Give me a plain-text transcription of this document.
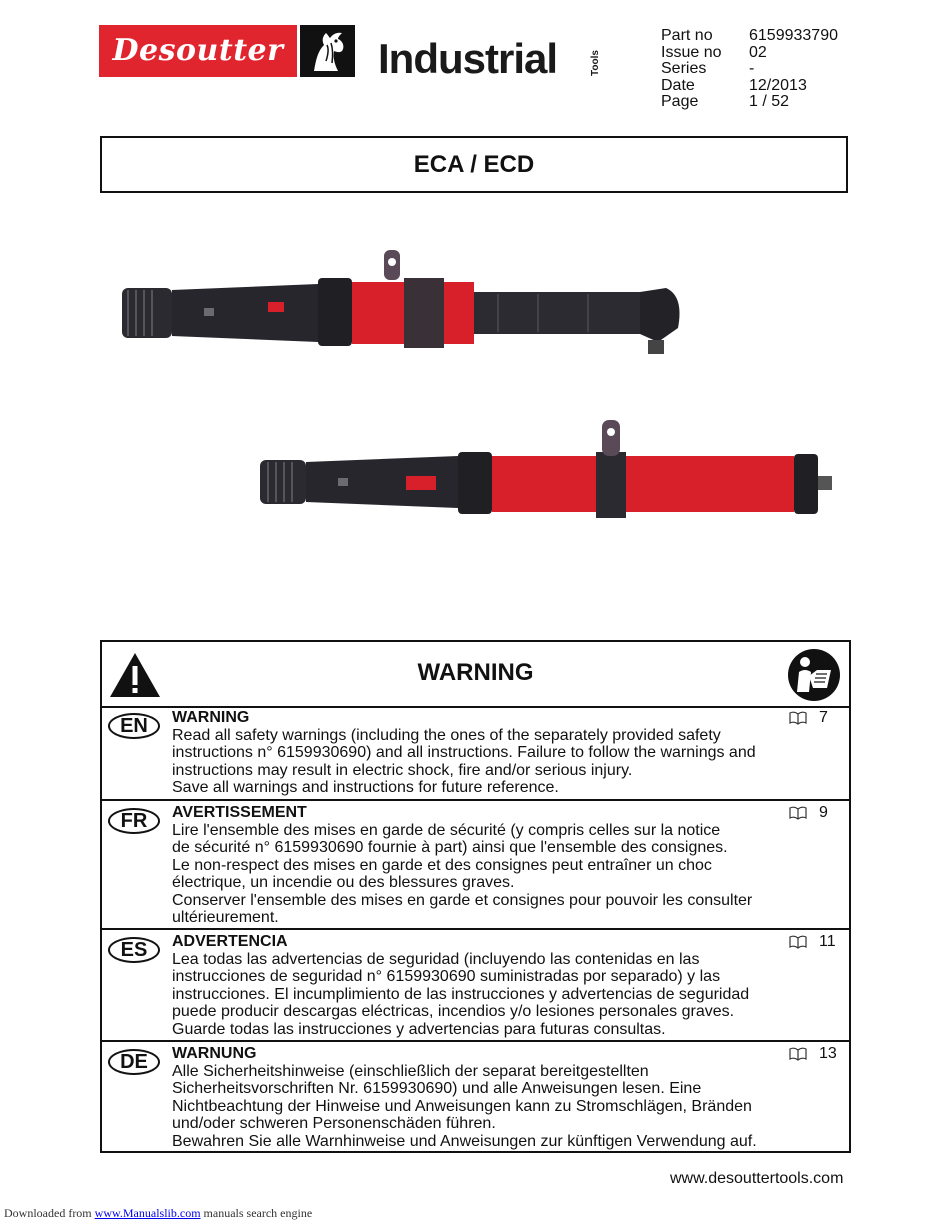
Desoutter	Industrial	Tools
Part no	6159933790
Issue no	02
Series	-
Date	12/2013
Page	1 / 52
ECA / ECD
WARNING
EN	WARNING
Read all safety warnings (including the ones of the separately provided safety
instructions n° 6159930690) and all instructions. Failure to follow the warnings and
instructions may result in electric shock, fire and/or serious injury.
Save all warnings and instructions for future reference.
7
FR	AVERTISSEMENT
Lire l'ensemble des mises en garde de sécurité (y compris celles sur la notice
de sécurité n° 6159930690 fournie à part) ainsi que l'ensemble des consignes.
Le non-respect des mises en garde et des consignes peut entraîner un choc
électrique, un incendie ou des blessures graves.
Conserver l'ensemble des mises en garde et consignes pour pouvoir les consulter
ultérieurement.
9
ES	ADVERTENCIA
Lea todas las advertencias de seguridad (incluyendo las contenidas en las
instrucciones de seguridad n° 6159930690 suministradas por separado) y las
instrucciones. El incumplimiento de las instrucciones y advertencias de seguridad
puede producir descargas eléctricas, incendios y/o lesiones personales graves.
Guarde todas las instrucciones y advertencias para futuras consultas.
11
DE	WARNUNG
Alle Sicherheitshinweise (einschließlich der separat bereitgestellten
Sicherheitsvorschriften Nr. 6159930690) und alle Anweisungen lesen. Eine
Nichtbeachtung der Hinweise und Anweisungen kann zu Stromschlägen, Bränden
und/oder schweren Personenschäden führen.
Bewahren Sie alle Warnhinweise und Anweisungen zur künftigen Verwendung auf.
13
www.desouttertools.com
Downloaded from www.Manualslib.com manuals search engine
